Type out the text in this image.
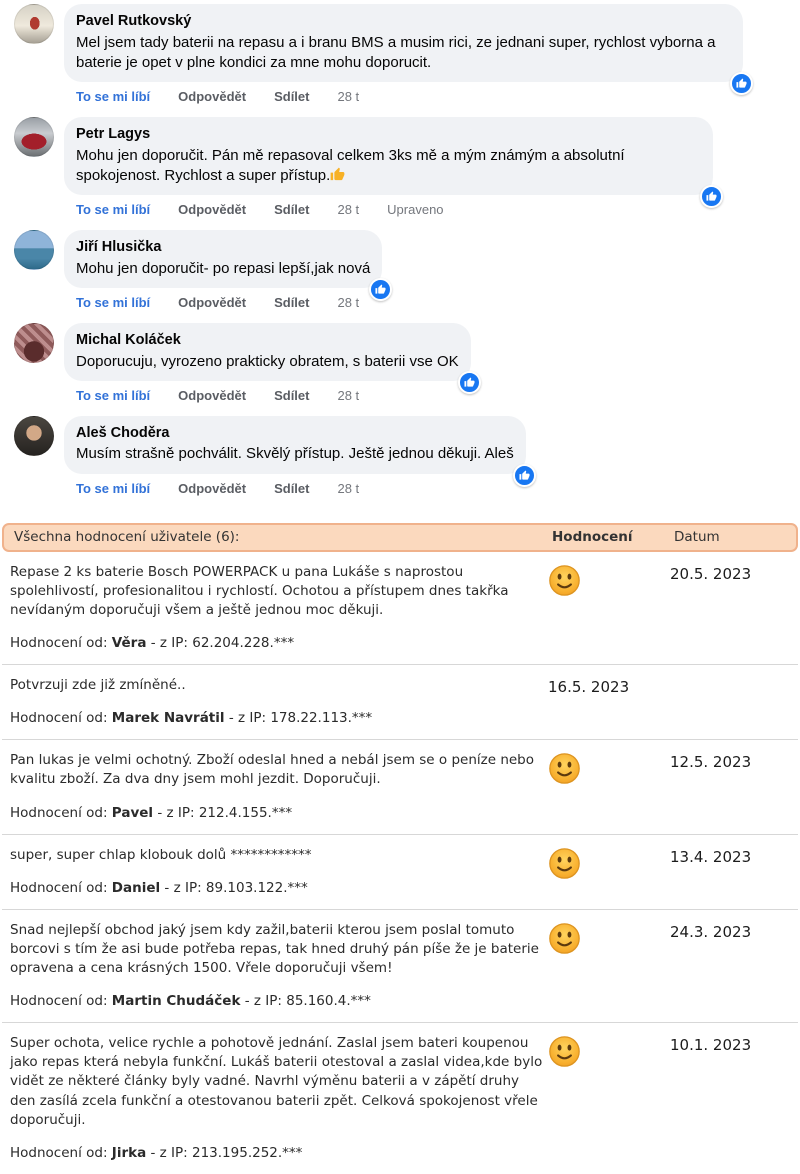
Pavel Rutkovský
Mel jsem tady baterii na repasu a i branu BMS a musim rici, ze jednani super, rychlost vyborna a baterie je opet v plne kondici za mne mohu doporucit.
To se mi líbí Odpovědět Sdílet 28 t
Petr Lagys
Mohu jen doporučit. Pán mě repasoval celkem 3ks mě a mým známým a absolutní spokojenost. Rychlost a super přístup.
To se mi líbí Odpovědět Sdílet 28 t Upraveno
Jiří Hlusička
Mohu jen doporučit- po repasi lepší,jak nová
To se mi líbí Odpovědět Sdílet 28 t
Michal Koláček
Doporucuju, vyrozeno prakticky obratem, s baterii vse OK
To se mi líbí Odpovědět Sdílet 28 t
Aleš Choděra
Musím strašně pochválit. Skvělý přístup. Ještě jednou děkuji. Aleš
To se mi líbí Odpovědět Sdílet 28 t
Všechna hodnocení uživatele (6):	Hodnocení	Datum

Repase 2 ks baterie Bosch POWERPACK u pana Lukáše s naprostou spolehlivostí, profesionalitou i rychlostí. Ochotou a přístupem dnes takřka nevídaným doporučuji všem a ještě jednou moc děkuji.

Hodnocení od: Věra - z IP: 62.204.228.***

20.5. 2023

Potvrzuji zde již zmíněné..

Hodnocení od: Marek Navrátil - z IP: 178.22.113.***

16.5. 2023

Pan lukas je velmi ochotný. Zboží odeslal hned a nebál jsem se o peníze nebo kvalitu zboží. Za dva dny jsem mohl jezdit. Doporučuji.

Hodnocení od: Pavel - z IP: 212.4.155.***

12.5. 2023

super, super chlap klobouk dolů ************

Hodnocení od: Daniel - z IP: 89.103.122.***

13.4. 2023

Snad nejlepší obchod jaký jsem kdy zažil,baterii kterou jsem poslal tomuto borcovi s tím že asi bude potřeba repas, tak hned druhý pán píše že je baterie opravena a cena krásných 1500. Vřele doporučuji všem!

Hodnocení od: Martin Chudáček - z IP: 85.160.4.***

24.3. 2023

Super ochota, velice rychle a pohotově jednání. Zaslal jsem bateri koupenou jako repas která nebyla funkční. Lukáš baterii otestoval a zaslal videa,kde bylo vidět ze některé články byly vadné. Navrhl výměnu baterii a v zápětí druhy den zasílá zcela funkční a otestovanou baterii zpět. Celková spokojenost vřele doporučuji.

Hodnocení od: Jirka - z IP: 213.195.252.***

10.1. 2023
